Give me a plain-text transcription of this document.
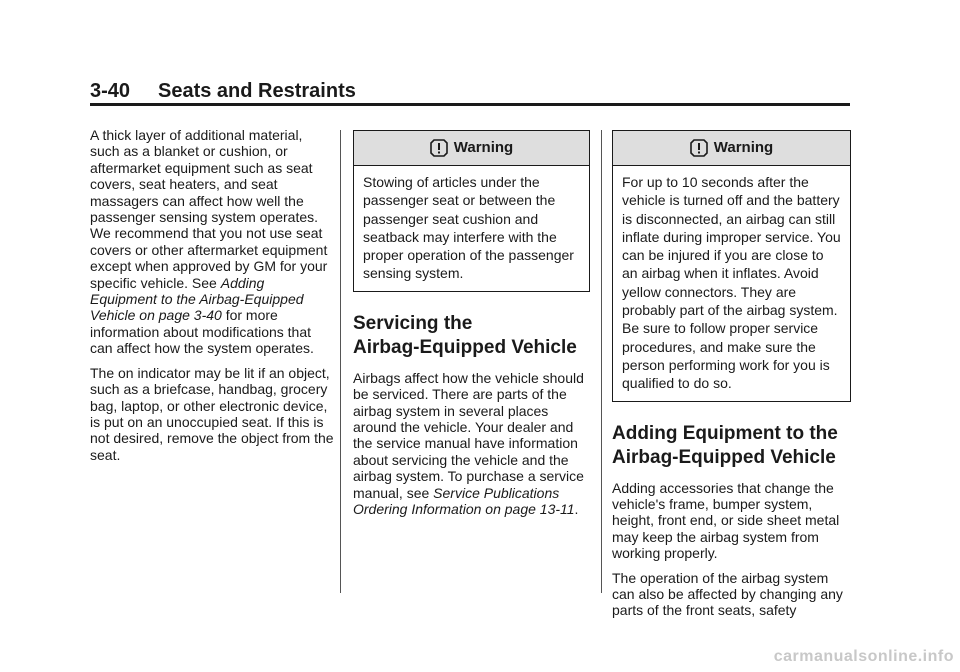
3-40 Seats and Restraints

A thick layer of additional material, such as a blanket or cushion, or aftermarket equipment such as seat covers, seat heaters, and seat massagers can affect how well the passenger sensing system operates. We recommend that you not use seat covers or other aftermarket equipment except when approved by GM for your specific vehicle. See Adding Equipment to the Airbag-Equipped Vehicle on page 3-40 for more information about modifications that can affect how the system operates.

The on indicator may be lit if an object, such as a briefcase, handbag, grocery bag, laptop, or other electronic device, is put on an unoccupied seat. If this is not desired, remove the object from the seat.

Warning
Stowing of articles under the passenger seat or between the passenger seat cushion and seatback may interfere with the proper operation of the passenger sensing system.
Servicing the
Airbag-Equipped Vehicle

Airbags affect how the vehicle should be serviced. There are parts of the airbag system in several places around the vehicle. Your dealer and the service manual have information about servicing the vehicle and the airbag system. To purchase a service manual, see Service Publications Ordering Information on page 13-11.

Warning
For up to 10 seconds after the vehicle is turned off and the battery is disconnected, an airbag can still inflate during improper service. You can be injured if you are close to an airbag when it inflates. Avoid yellow connectors. They are probably part of the airbag system. Be sure to follow proper service procedures, and make sure the person performing work for you is qualified to do so.
Adding Equipment to the
Airbag-Equipped Vehicle

Adding accessories that change the vehicle's frame, bumper system, height, front end, or side sheet metal may keep the airbag system from working properly.

The operation of the airbag system can also be affected by changing any parts of the front seats, safety

carmanualsonline.info
